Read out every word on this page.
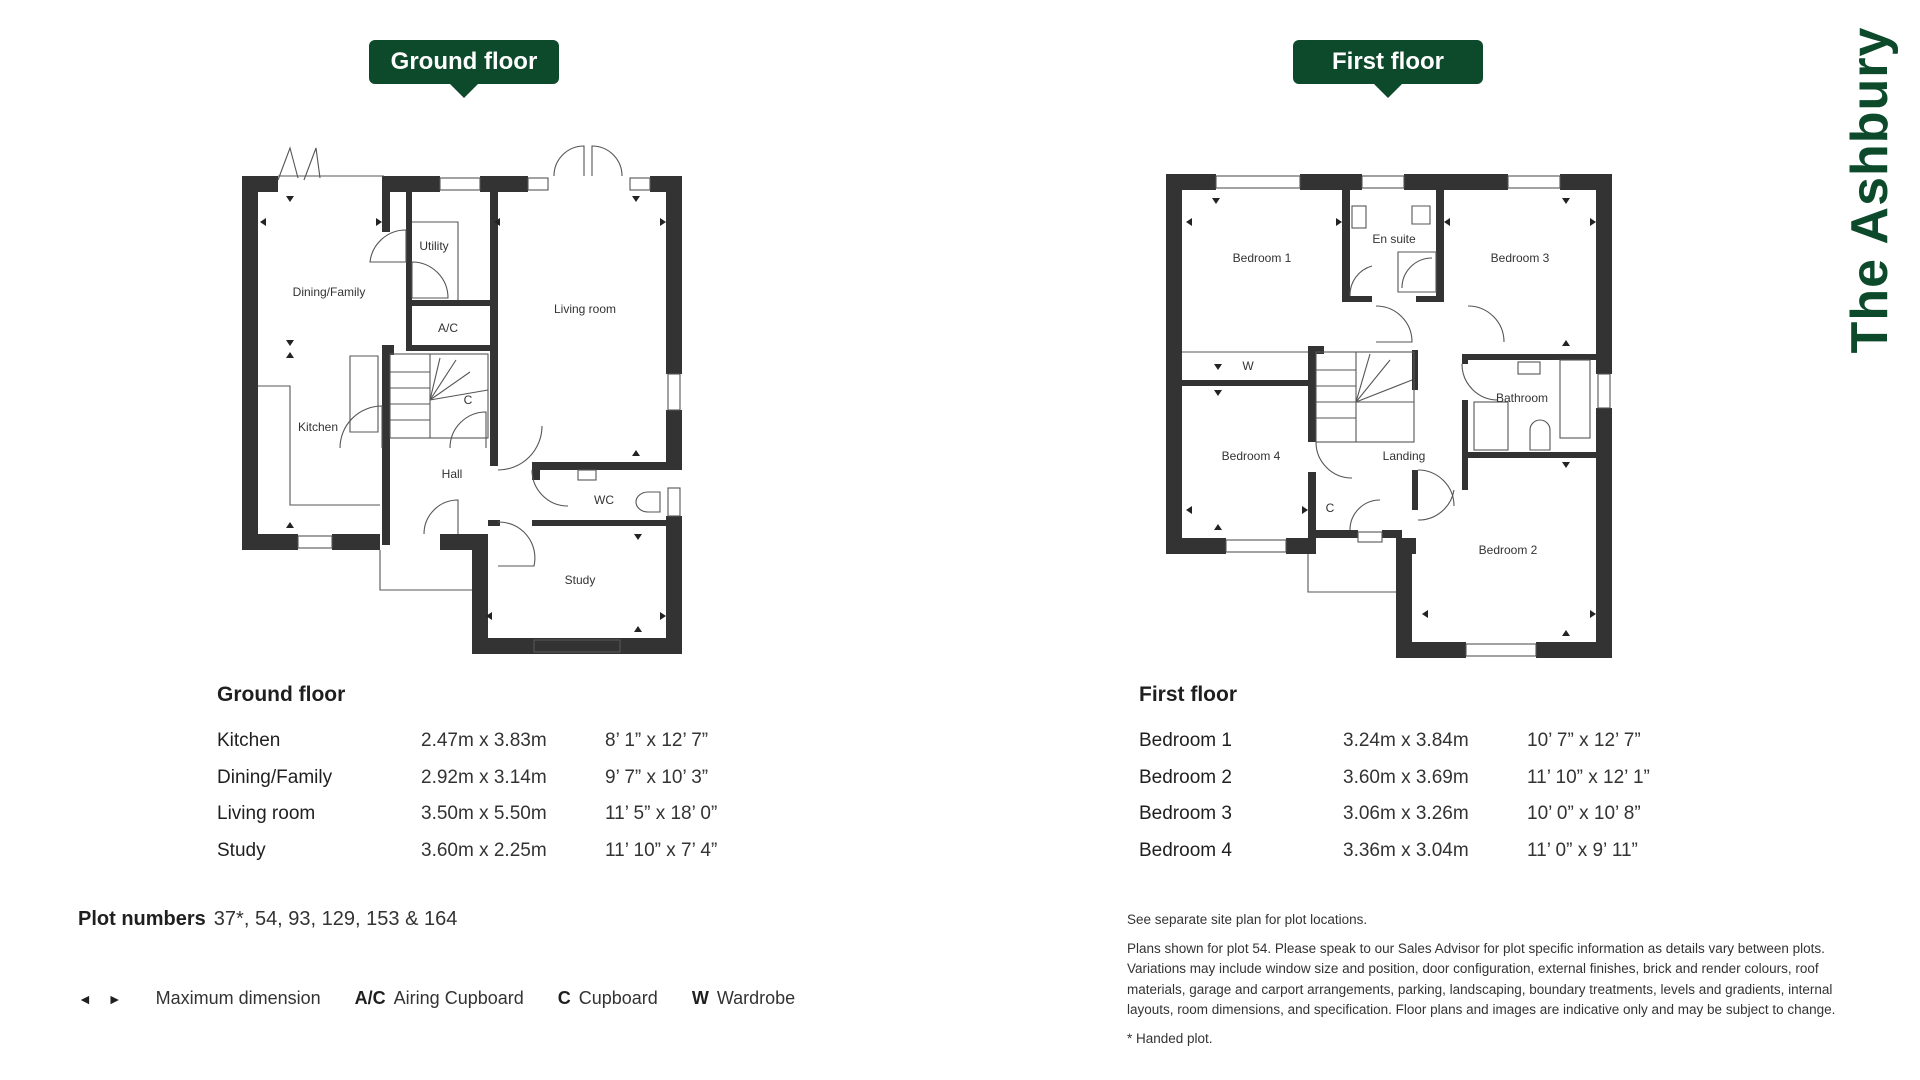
Ground floor	First floor	The Ashbury
Dining/Family
Utility
A/C
Living room
Kitchen
C
Hall
WC
Study
Bedroom 1
En suite
Bedroom 3
W
Bathroom
Bedroom 4	Landing
C
Bedroom 2
Ground floor
Kitchen	2.47m x 3.83m	8’ 1” x 12’ 7”
Dining/Family	2.92m x 3.14m	9’ 7” x 10’ 3”
Living room	3.50m x 5.50m	11’ 5” x 18’ 0”
Study	3.60m x 2.25m	11’ 10” x 7’ 4”
First floor
Bedroom 1	3.24m x 3.84m	10’ 7” x 12’ 7”
Bedroom 2	3.60m x 3.69m	11’ 10” x 12’ 1”
Bedroom 3	3.06m x 3.26m	10’ 0” x 10’ 8”
Bedroom 4	3.36m x 3.04m	11’ 0” x 9’ 11”
Plot numbers 37*, 54, 93, 129, 153 & 164
◄ ► Maximum dimension A/C Airing Cupboard C Cupboard W Wardrobe

See separate site plan for plot locations.

Plans shown for plot 54. Please speak to our Sales Advisor for plot specific information as details vary between plots. Variations may include window size and position, door configuration, external finishes, brick and render colours, roof materials, garage and carport arrangements, parking, landscaping, boundary treatments, levels and gradients, internal layouts, room dimensions, and specification. Floor plans and images are indicative only and may be subject to change.

* Handed plot.
